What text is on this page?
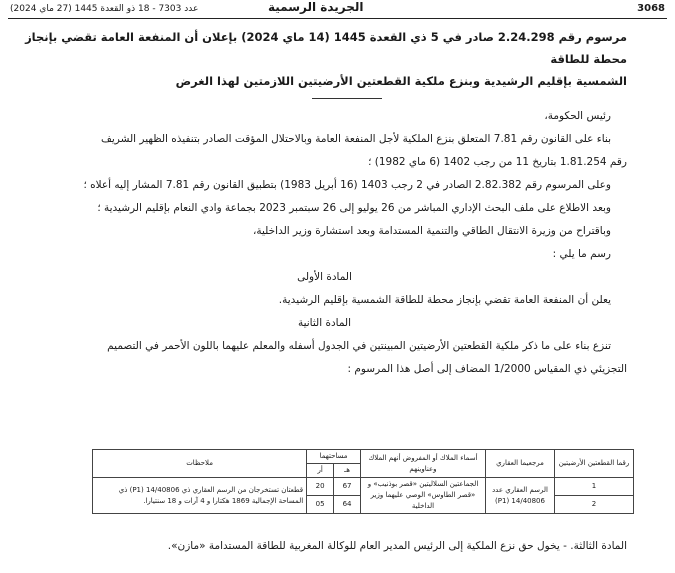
3068
الجريدة الرسمية
عدد 7303 - 18 ذو القعدة 1445 (27 ماي 2024)
مرسوم رقم 2.24.298 صادر في 5 ذي القعدة 1445 (14 ماي 2024) بإعلان أن المنفعة العامة تقضي بإنجاز محطة للطاقة
الشمسية بإقليم الرشيدية وبنزع ملكية القطعتين الأرضيتين اللازمتين لهذا الغرض

رئيس الحكومة،

بناء على القانون رقم 7.81 المتعلق بنزع الملكية لأجل المنفعة العامة وبالاحتلال المؤقت الصادر بتنفيذه الظهير الشريف

رقم 1.81.254 بتاريخ 11 من رجب 1402 (6 ماي 1982) ؛

وعلى المرسوم رقم 2.82.382 الصادر في 2 رجب 1403 (16 أبريل 1983) بتطبيق القانون رقم 7.81 المشار إليه أعلاه ؛

وبعد الاطلاع على ملف البحث الإداري المباشر من 26 يوليو إلى 26 سبتمبر 2023 بجماعة وادي النعام بإقليم الرشيدية ؛

وباقتراح من وزيرة الانتقال الطاقي والتنمية المستدامة وبعد استشارة وزير الداخلية،

رسم ما يلي :

المادة الأولى

يعلن أن المنفعة العامة تقضي بإنجاز محطة للطاقة الشمسية بإقليم الرشيدية.

المادة الثانية

تنزع بناء على ما ذكر ملكية القطعتين الأرضيتين المبينتين في الجدول أسفله والمعلم عليهما باللون الأحمر في التصميم

التجزيئي ذي المقياس 1/2000 المضاف إلى أصل هذا المرسوم :

رقما القطعتين الأرضيتين	مرجعيما العقاري	أسماء الملاك أو المفروض أنهم الملاك وعناوينهم	مساحتهما		ملاحظات
			هـ	أر	
1	الرسم العقاري عدد 14/40806 (P1)	الجماعتين السلاليتين «قصر بوذنيب» و «قصر الطاوس» الوصي عليهما وزير الداخلية	67	20	قطعتان تستخرجان من الرسم العقاري ذي 14/40806 (P1) ذي المساحة الإجمالية 1869 هكتارا و 4 آرات و 18 سنتيارا.
2			64	05	
المادة الثالثة. - يخول حق نزع الملكية إلى الرئيس المدير العام للوكالة المغربية للطاقة المستدامة «مازن».
